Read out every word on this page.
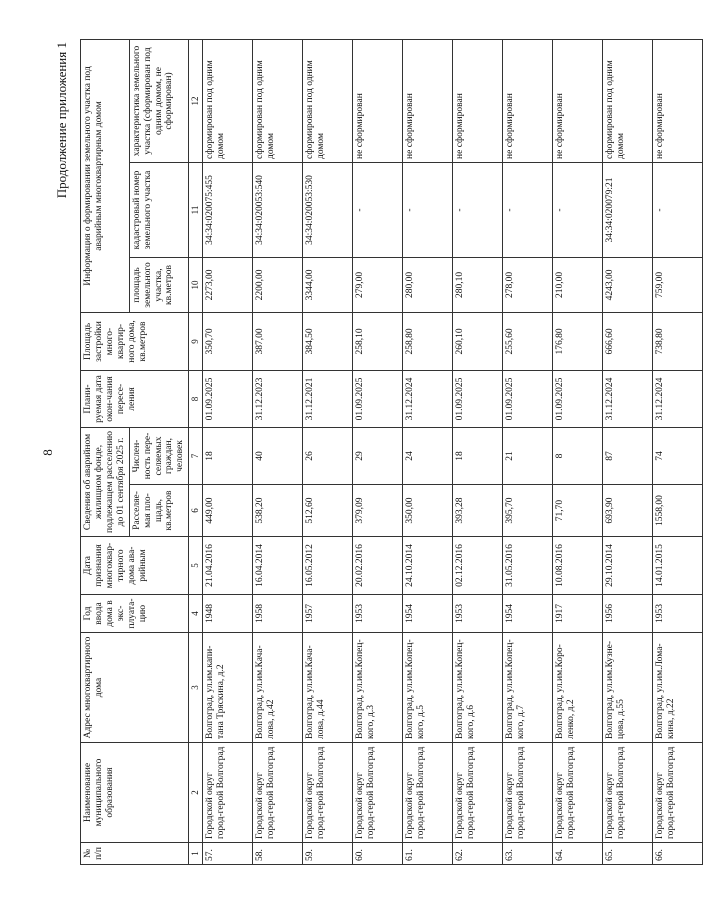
8
Продолжение приложения 1
№ п/п	Наименование муниципального образования	Адрес многоквартирного дома	Год ввода дома в экс-плуата-цию	Дата признания многоквар-тирного дома ава-рийным	Сведения об аварийном жилищном фонде, подлежащем расселению до 01 сентября 2025 г.		Плани-руемая дата окон-чания пересе-ления	Площадь застройки много-квартир-ного дома, кв.метров	Информация о формировании земельного участка под аварийным многоквартирным домом		
					Расселяе-мая пло-щадь, кв.метров	Числен-ность пере-селяемых граждан, человек			площадь земельного участка, кв.метров	кадастровый номер земельного участка	характеристика земельного участка (сформирован под одним домом, не сформирован)
1	2	3	4	5	6	7	8	9	10	11	12
57.	Городской округ город-герой Волгоград	Волгоград, ул.им.капи-тана Тряскина, д.2	1948	21.04.2016	449,00	18	01.09.2025	350,70	2273,00	34:34:020075:455	сформирован под одним домом
58.	Городской округ город-герой Волгоград	Волгоград, ул.им.Кача-лова, д.42	1958	16.04.2014	538,20	40	31.12.2023	387,00	2200,00	34:34:020053:540	сформирован под одним домом
59.	Городской округ город-герой Волгоград	Волгоград, ул.им.Кача-лова, д.44	1957	16.05.2012	512,60	26	31.12.2021	384,50	3344,00	34:34:020053:530	сформирован под одним домом
60.	Городской округ город-герой Волгоград	Волгоград, ул.им.Копец-кого, д.3	1953	20.02.2016	379,09	29	01.09.2025	258,10	279,00	-	не сформирован
61.	Городской округ город-герой Волгоград	Волгоград, ул.им.Копец-кого, д.5	1954	24.10.2014	350,00	24	31.12.2024	258,80	280,00	-	не сформирован
62.	Городской округ город-герой Волгоград	Волгоград, ул.им.Копец-кого, д.6	1953	02.12.2016	393,28	18	01.09.2025	260,10	280,10	-	не сформирован
63.	Городской округ город-герой Волгоград	Волгоград, ул.им.Копец-кого, д.7	1954	31.05.2016	395,70	21	01.09.2025	255,60	278,00	-	не сформирован
64.	Городской округ город-герой Волгоград	Волгоград, ул.им.Коро-ленко, д.2	1917	10.08.2016	71,70	8	01.09.2025	176,80	210,00	-	не сформирован
65.	Городской округ город-герой Волгоград	Волгоград, ул.им.Кузне-цова, д.55	1956	29.10.2014	693,90	87	31.12.2024	666,60	4243,00	34:34:020079:21	сформирован под одним домом
66.	Городской округ город-герой Волгоград	Волгоград, ул.им.Лома-кина, д.22	1953	14.01.2015	1558,00	74	31.12.2024	738,80	759,00	-	не сформирован
